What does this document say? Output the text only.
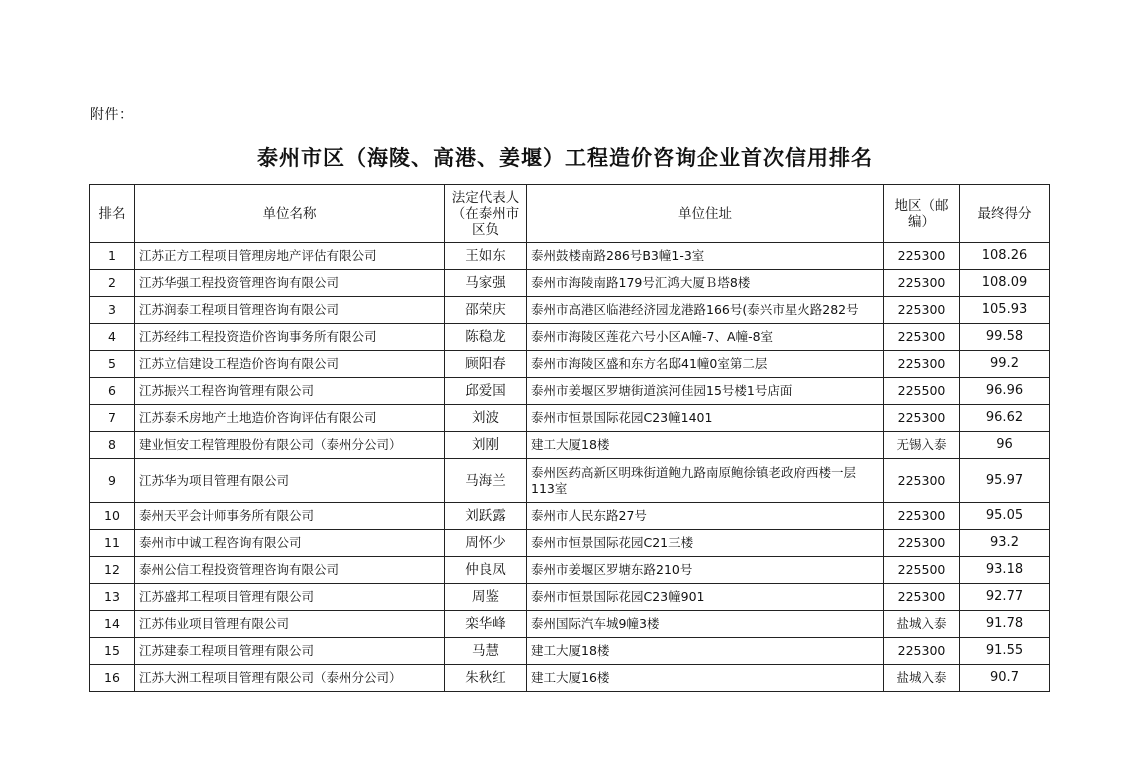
附件：
泰州市区（海陵、高港、姜堰）工程造价咨询企业首次信用排名
排名	单位名称	法定代表人（在泰州市区负	单位住址	地区（邮编）	最终得分
1	江苏正方工程项目管理房地产评估有限公司	王如东	泰州鼓楼南路286号B3幢1-3室	225300	108.26
2	江苏华强工程投资管理咨询有限公司	马家强	泰州市海陵南路179号汇鸿大厦Ｂ塔8楼	225300	108.09
3	江苏润泰工程项目管理咨询有限公司	邵荣庆	泰州市高港区临港经济园龙港路166号(泰兴市星火路282号	225300	105.93
4	江苏经纬工程投资造价咨询事务所有限公司	陈稳龙	泰州市海陵区莲花六号小区A幢-7、A幢-8室	225300	99.58
5	江苏立信建设工程造价咨询有限公司	顾阳春	泰州市海陵区盛和东方名邸41幢0室第二层	225300	99.2
6	江苏振兴工程咨询管理有限公司	邱爱国	泰州市姜堰区罗塘街道滨河佳园15号楼1号店面	225500	96.96
7	江苏泰禾房地产土地造价咨询评估有限公司	刘波	泰州市恒景国际花园C23幢1401	225300	96.62
8	建业恒安工程管理股份有限公司（泰州分公司）	刘刚	建工大厦18楼	无锡入泰	96
9	江苏华为项目管理有限公司	马海兰	泰州医药高新区明珠街道鲍九路南原鲍徐镇老政府西楼一层113室	225300	95.97
10	泰州天平会计师事务所有限公司	刘跃露	泰州市人民东路27号	225300	95.05
11	泰州市中诚工程咨询有限公司	周怀少	泰州市恒景国际花园C21三楼	225300	93.2
12	泰州公信工程投资管理咨询有限公司	仲良凤	泰州市姜堰区罗塘东路210号	225500	93.18
13	江苏盛邦工程项目管理有限公司	周鉴	泰州市恒景国际花园C23幢901	225300	92.77
14	江苏伟业项目管理有限公司	栾华峰	泰州国际汽车城9幢3楼	盐城入泰	91.78
15	江苏建泰工程项目管理有限公司	马慧	建工大厦18楼	225300	91.55
16	江苏大洲工程项目管理有限公司（泰州分公司）	朱秋红	建工大厦16楼	盐城入泰	90.7
